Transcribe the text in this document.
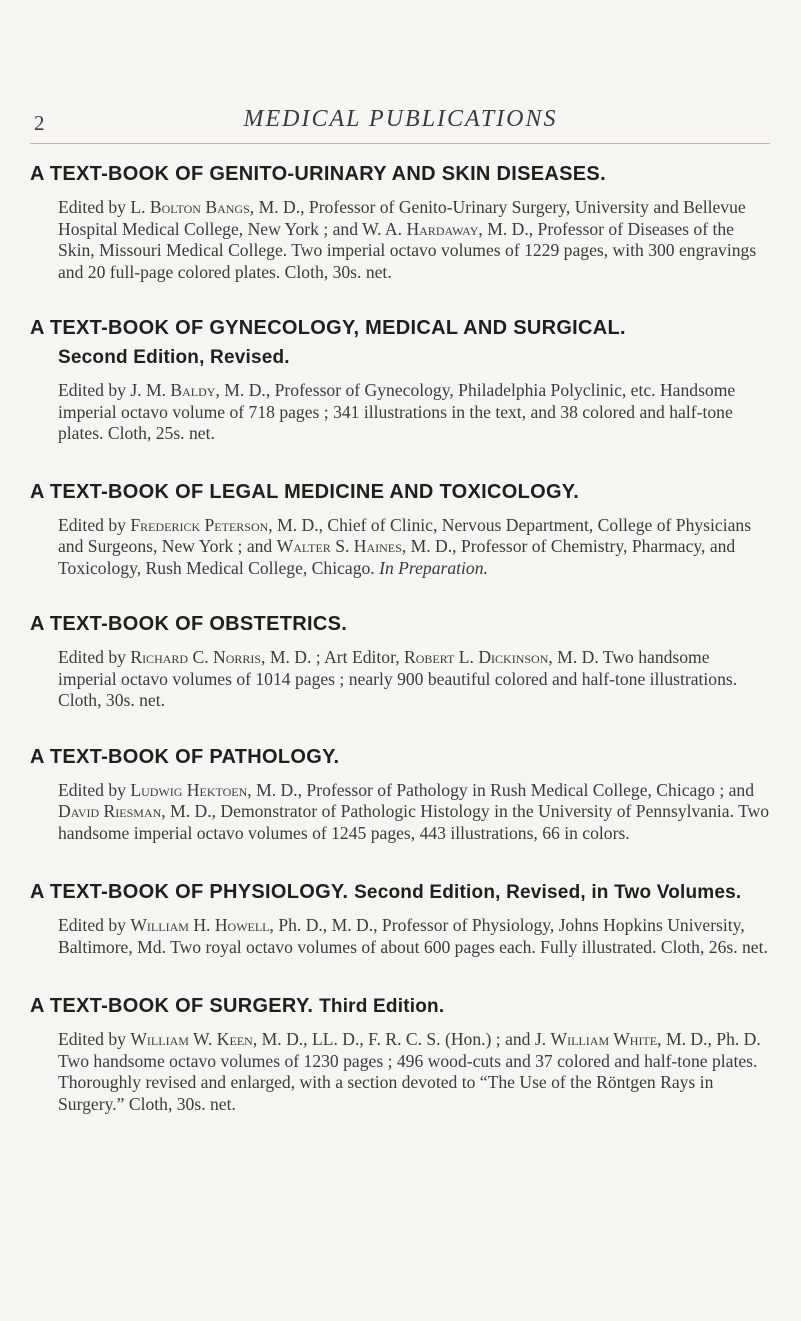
2	MEDICAL PUBLICATIONS
A TEXT-BOOK OF GENITO-URINARY AND SKIN DISEASES.

Edited by L. Bolton Bangs, M. D., Professor of Genito-Urinary Surgery, University and Bellevue Hospital Medical College, New York ; and W. A. Hardaway, M. D., Professor of Diseases of the Skin, Missouri Medical College. Two imperial octavo volumes of 1229 pages, with 300 engravings and 20 full-page colored plates. Cloth, 30s. net.

A TEXT-BOOK OF GYNECOLOGY, MEDICAL AND SURGICAL.
Second Edition, Revised.

Edited by J. M. Baldy, M. D., Professor of Gynecology, Philadelphia Polyclinic, etc. Handsome imperial octavo volume of 718 pages ; 341 illustrations in the text, and 38 colored and half-tone plates. Cloth, 25s. net.

A TEXT-BOOK OF LEGAL MEDICINE AND TOXICOLOGY.

Edited by Frederick Peterson, M. D., Chief of Clinic, Nervous Department, College of Physicians and Surgeons, New York ; and Walter S. Haines, M. D., Professor of Chemistry, Pharmacy, and Toxicology, Rush Medical College, Chicago. In Preparation.

A TEXT-BOOK OF OBSTETRICS.

Edited by Richard C. Norris, M. D. ; Art Editor, Robert L. Dickinson, M. D. Two handsome imperial octavo volumes of 1014 pages ; nearly 900 beautiful colored and half-tone illustrations. Cloth, 30s. net.

A TEXT-BOOK OF PATHOLOGY.

Edited by Ludwig Hektoen, M. D., Professor of Pathology in Rush Medical College, Chicago ; and David Riesman, M. D., Demonstrator of Pathologic Histology in the University of Pennsylvania. Two handsome imperial octavo volumes of 1245 pages, 443 illustrations, 66 in colors.

A TEXT-BOOK OF PHYSIOLOGY. Second Edition, Revised, in Two Volumes.

Edited by William H. Howell, Ph. D., M. D., Professor of Physiology, Johns Hopkins University, Baltimore, Md. Two royal octavo volumes of about 600 pages each. Fully illustrated. Cloth, 26s. net.

A TEXT-BOOK OF SURGERY. Third Edition.

Edited by William W. Keen, M. D., LL. D., F. R. C. S. (Hon.) ; and J. William White, M. D., Ph. D. Two handsome octavo volumes of 1230 pages ; 496 wood-cuts and 37 colored and half-tone plates. Thoroughly revised and enlarged, with a section devoted to “The Use of the Röntgen Rays in Surgery.” Cloth, 30s. net.
